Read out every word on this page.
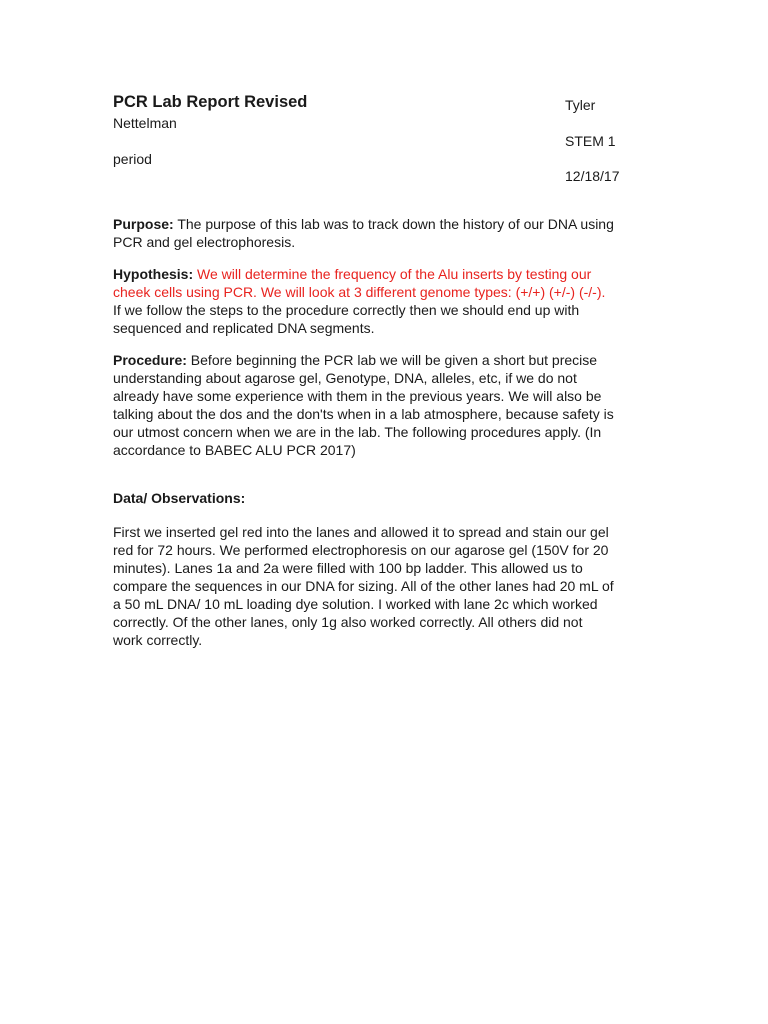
PCR Lab Report Revised	Tyler
Nettelman
STEM 1
period
12/18/17
Purpose: The purpose of this lab was to track down the history of our DNA using
PCR and gel electrophoresis.
Hypothesis: We will determine the frequency of the Alu inserts by testing our
cheek cells using PCR. We will look at 3 different genome types: (+/+) (+/-) (-/-).
If we follow the steps to the procedure correctly then we should end up with
sequenced and replicated DNA segments.
Procedure: Before beginning the PCR lab we will be given a short but precise
understanding about agarose gel, Genotype, DNA, alleles, etc, if we do not
already have some experience with them in the previous years. We will also be
talking about the dos and the don'ts when in a lab atmosphere, because safety is
our utmost concern when we are in the lab. The following procedures apply. (In
accordance to BABEC ALU PCR 2017)
Data/ Observations:
First we inserted gel red into the lanes and allowed it to spread and stain our gel
red for 72 hours. We performed electrophoresis on our agarose gel (150V for 20
minutes). Lanes 1a and 2a were filled with 100 bp ladder. This allowed us to
compare the sequences in our DNA for sizing. All of the other lanes had 20 mL of
a 50 mL DNA/ 10 mL loading dye solution. I worked with lane 2c which worked
correctly. Of the other lanes, only 1g also worked correctly. All others did not
work correctly.
